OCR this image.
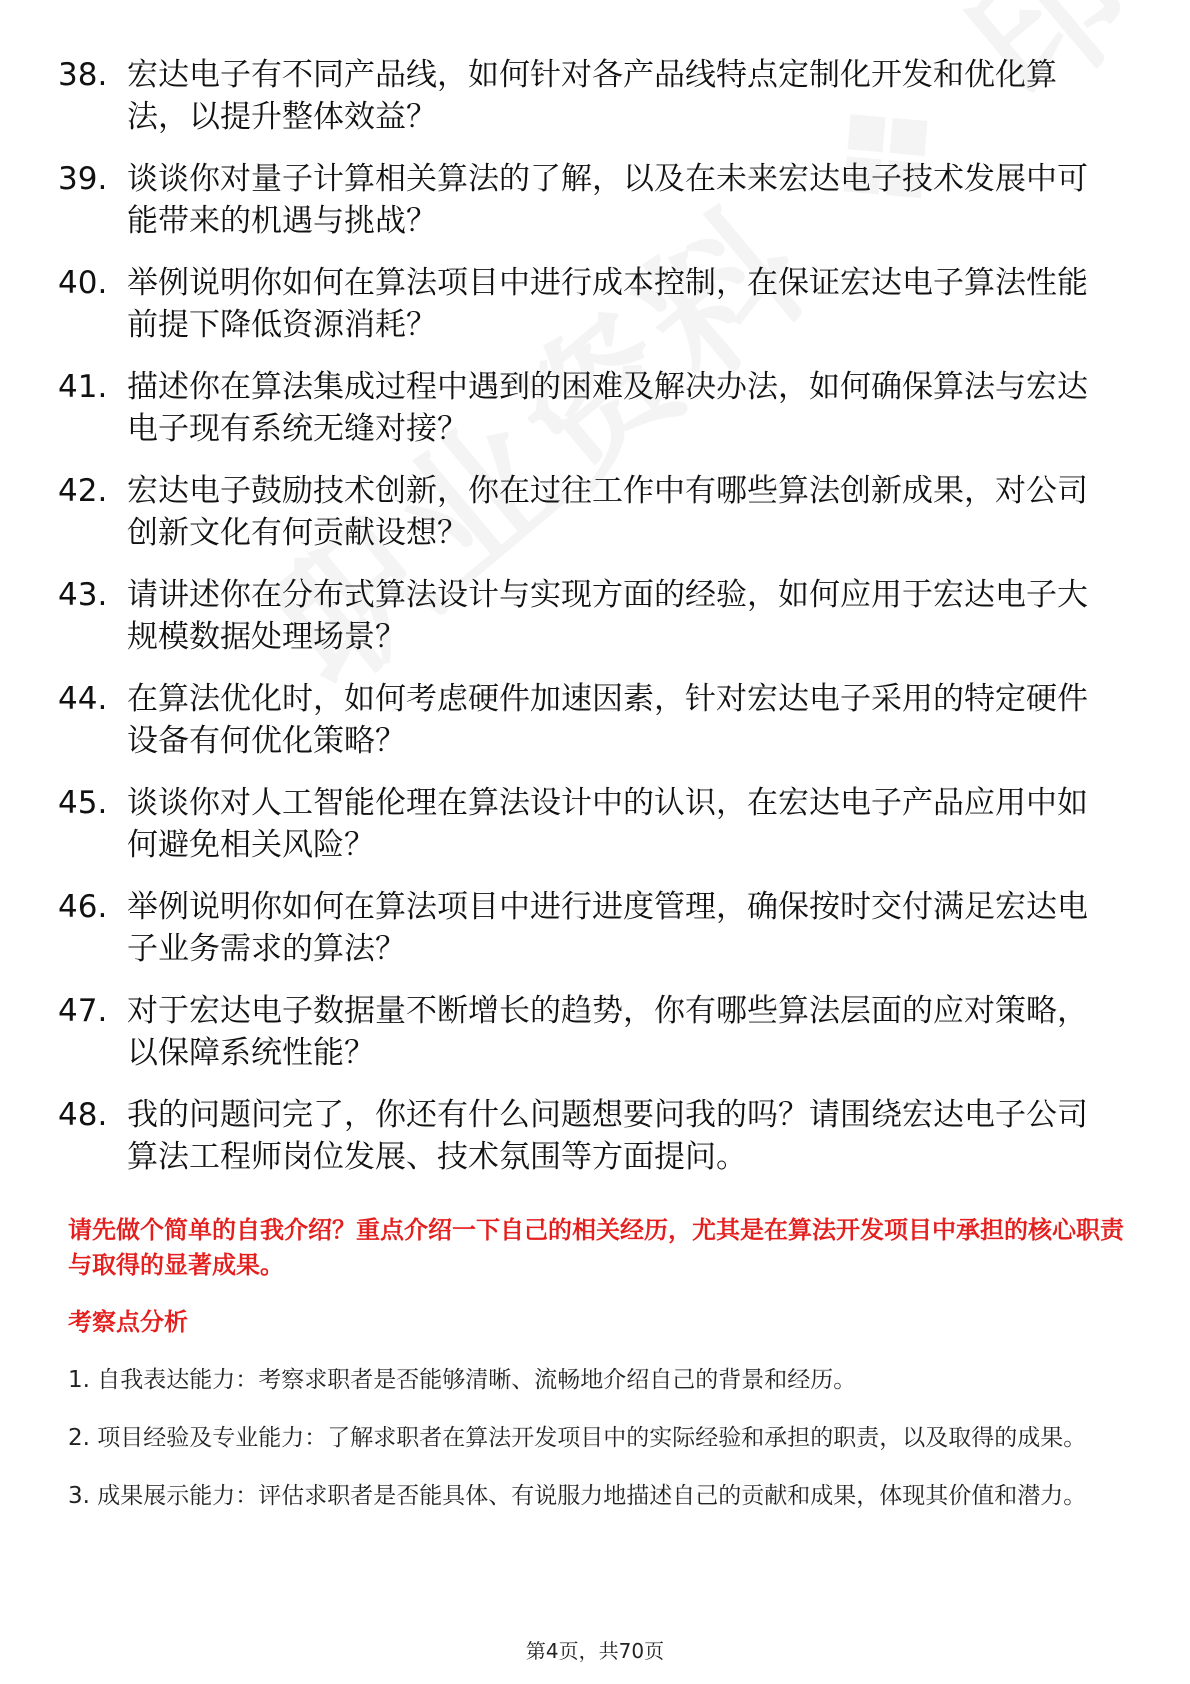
38. 宏达电子有不同产品线，如何针对各产品线特点定制化开发和优化算法，以提升整体效益？
39. 谈谈你对量子计算相关算法的了解，以及在未来宏达电子技术发展中可能带来的机遇与挑战？
40. 举例说明你如何在算法项目中进行成本控制，在保证宏达电子算法性能前提下降低资源消耗？
41. 描述你在算法集成过程中遇到的困难及解决办法，如何确保算法与宏达电子现有系统无缝对接？
42. 宏达电子鼓励技术创新，你在过往工作中有哪些算法创新成果，对公司创新文化有何贡献设想？
43. 请讲述你在分布式算法设计与实现方面的经验，如何应用于宏达电子大规模数据处理场景？
44. 在算法优化时，如何考虑硬件加速因素，针对宏达电子采用的特定硬件设备有何优化策略？
45. 谈谈你对人工智能伦理在算法设计中的认识，在宏达电子产品应用中如何避免相关风险？
46. 举例说明你如何在算法项目中进行进度管理，确保按时交付满足宏达电子业务需求的算法？
47. 对于宏达电子数据量不断增长的趋势，你有哪些算法层面的应对策略，以保障系统性能？
48. 我的问题问完了，你还有什么问题想要问我的吗？请围绕宏达电子公司算法工程师岗位发展、技术氛围等方面提问。

请先做个简单的自我介绍？重点介绍一下自己的相关经历，尤其是在算法开发项目中承担的核心职责与取得的显著成果。

考察点分析
1. 自我表达能力：考察求职者是否能够清晰、流畅地介绍自己的背景和经历。
2. 项目经验及专业能力：了解求职者在算法开发项目中的实际经验和承担的职责，以及取得的成果。
3. 成果展示能力：评估求职者是否能具体、有说服力地描述自己的贡献和成果，体现其价值和潜力。
第4页，共70页
